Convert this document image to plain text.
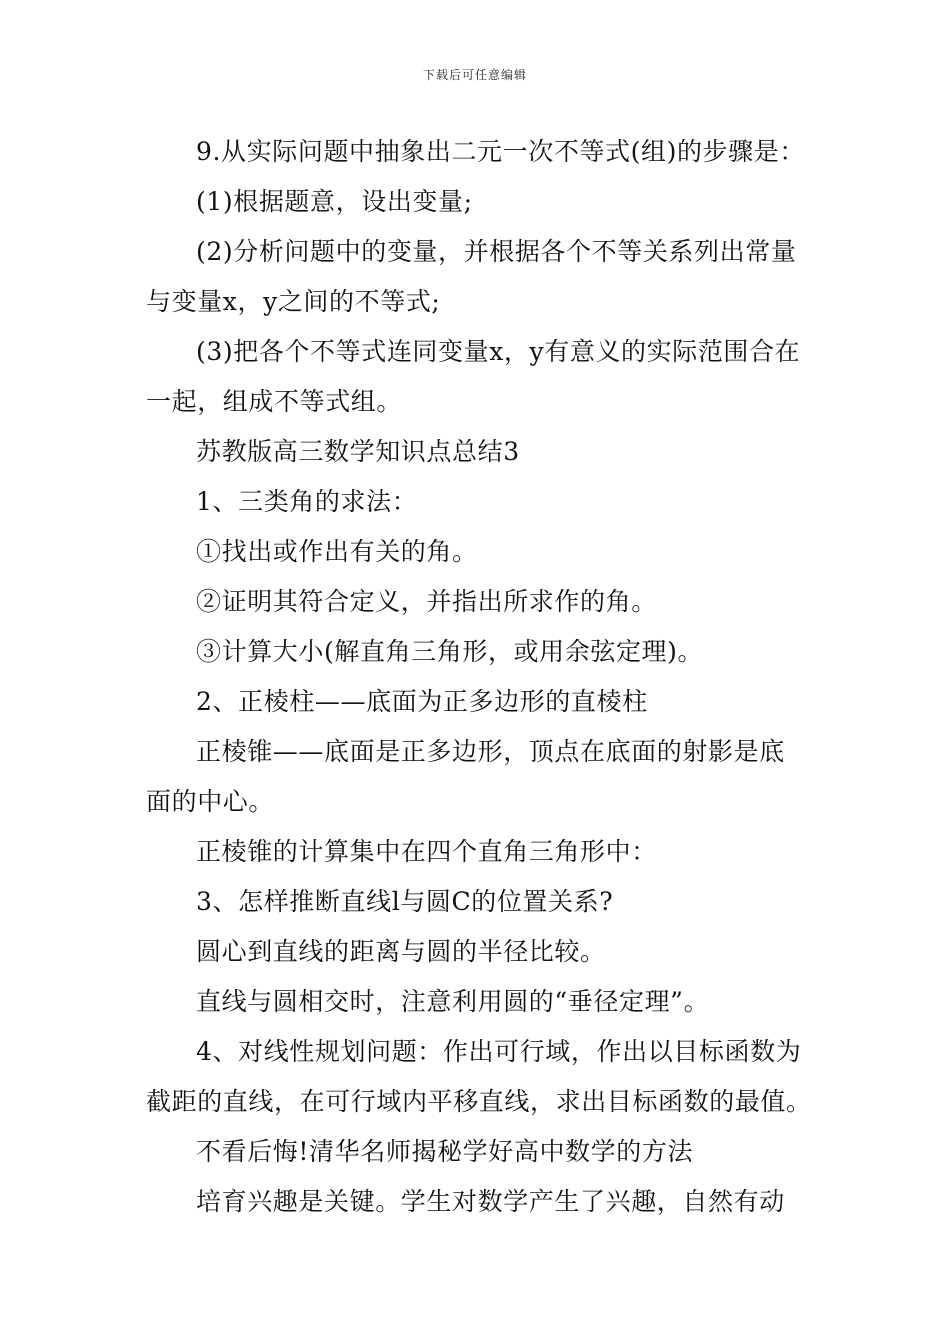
下载后可任意编辑

9.从实际问题中抽象出二元一次不等式(组)的步骤是：

(1)根据题意，设出变量;

(2)分析问题中的变量，并根据各个不等关系列出常量

与变量x，y之间的不等式;

(3)把各个不等式连同变量x，y有意义的实际范围合在

一起，组成不等式组。

苏教版高三数学知识点总结3

1、三类角的求法：

①找出或作出有关的角。

②证明其符合定义，并指出所求作的角。

③计算大小(解直角三角形，或用余弦定理)。

2、正棱柱——底面为正多边形的直棱柱

正棱锥——底面是正多边形，顶点在底面的射影是底

面的中心。

正棱锥的计算集中在四个直角三角形中：

3、怎样推断直线l与圆C的位置关系?

圆心到直线的距离与圆的半径比较。

直线与圆相交时，注意利用圆的“垂径定理”。

4、对线性规划问题：作出可行域，作出以目标函数为

截距的直线，在可行域内平移直线，求出目标函数的最值。

不看后悔!清华名师揭秘学好高中数学的方法

培育兴趣是关键。学生对数学产生了兴趣，自然有动
